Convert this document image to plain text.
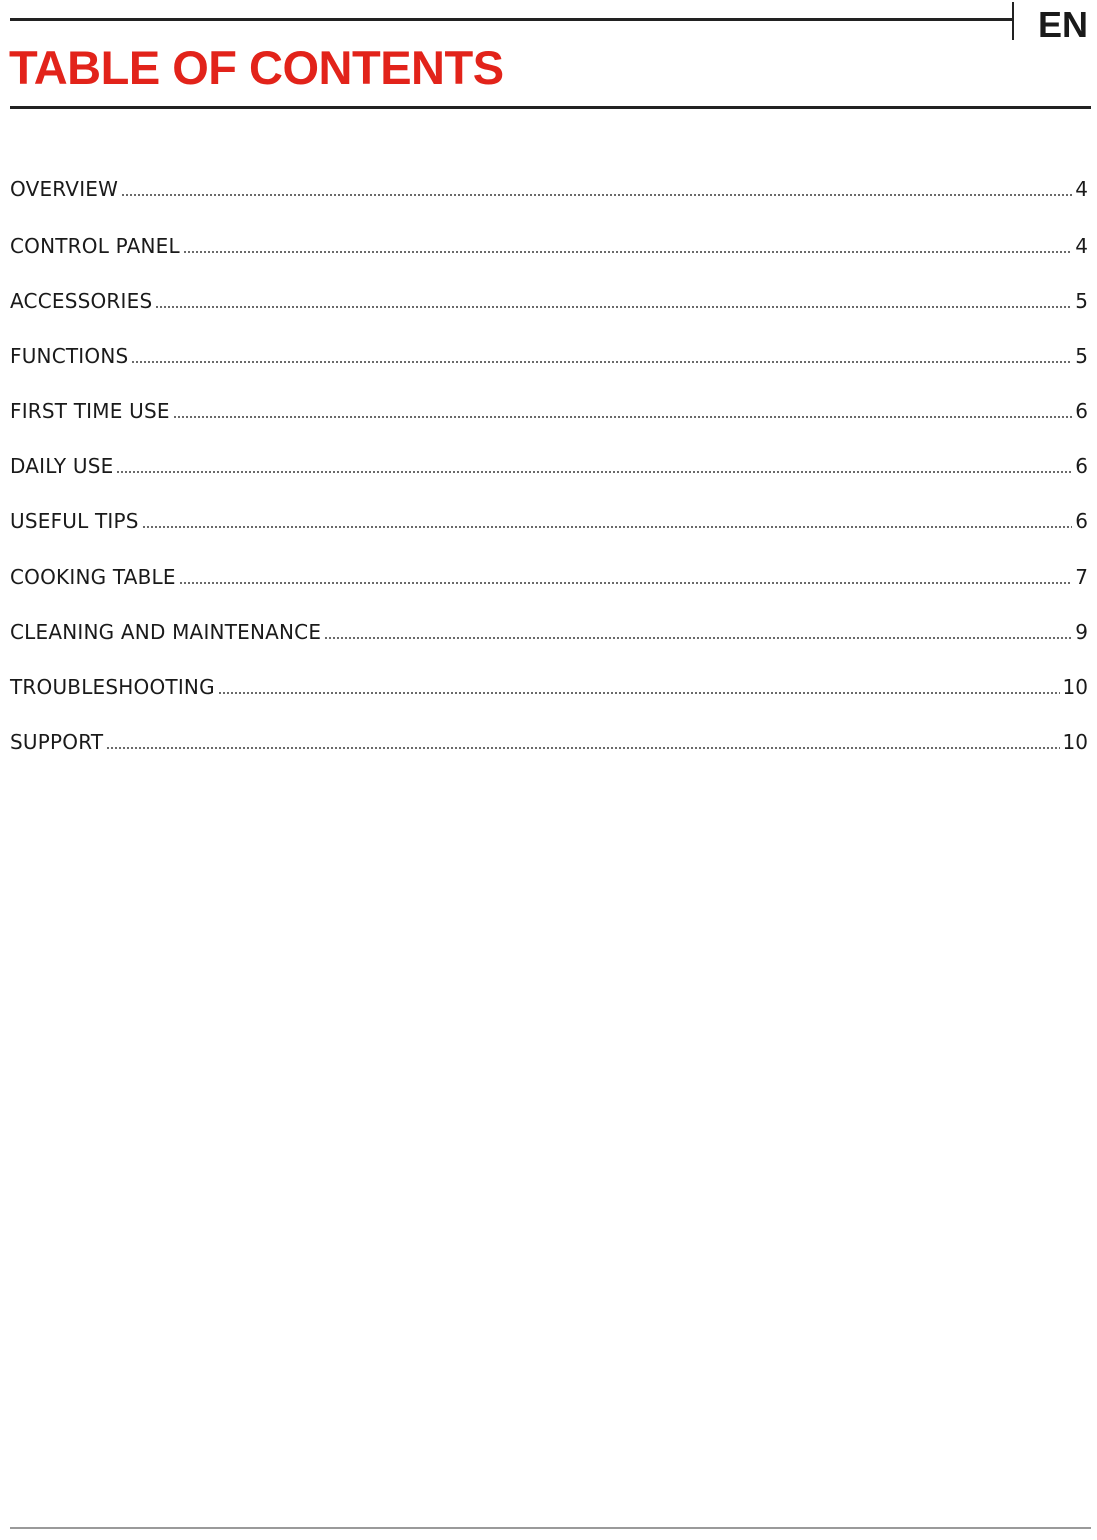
EN
TABLE OF CONTENTS
OVERVIEW	4
CONTROL PANEL	4
ACCESSORIES	5
FUNCTIONS	5
FIRST TIME USE	6
DAILY USE	6
USEFUL TIPS	6
COOKING TABLE	7
CLEANING AND MAINTENANCE	9
TROUBLESHOOTING	10
SUPPORT	10
